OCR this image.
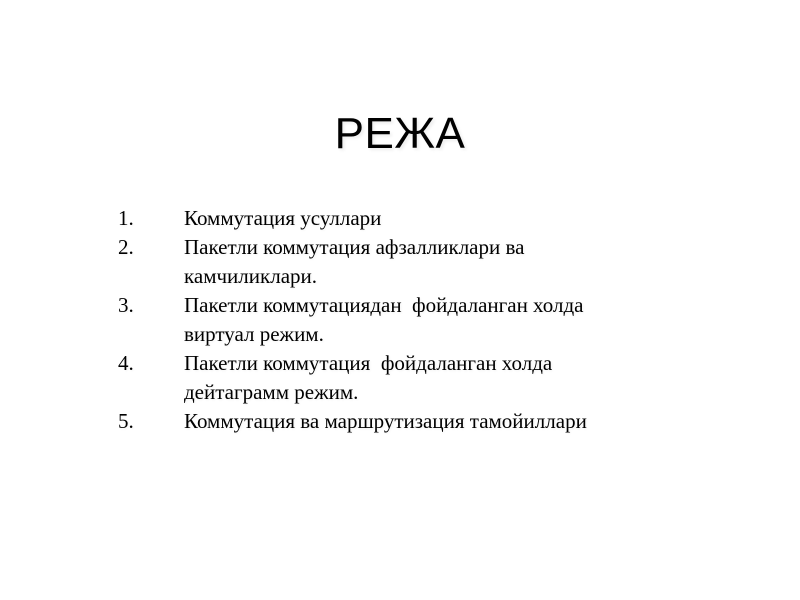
РЕЖА
1.	Коммутация усуллари
2.	Пакетли коммутация афзалликлари ва
камчиликлари.
3.	Пакетли коммутациядан  фойдаланган холда
виртуал режим.
4.	Пакетли коммутация  фойдаланган холда
дейтаграмм режим.
5.	Коммутация ва маршрутизация тамойиллари
